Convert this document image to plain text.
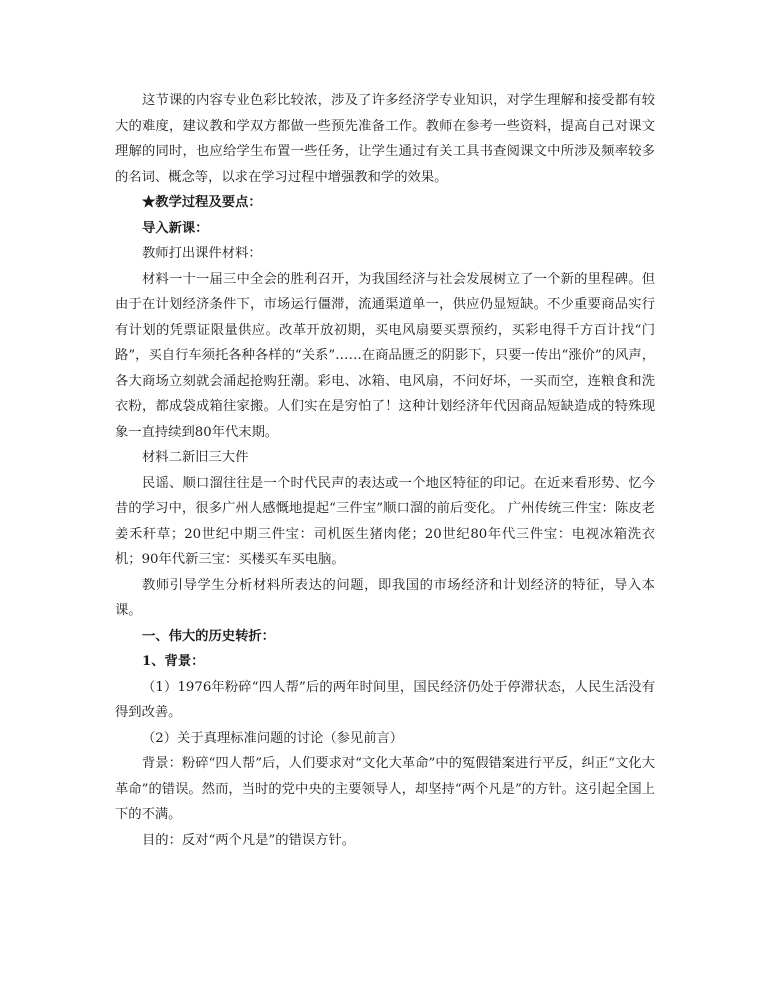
这节课的内容专业色彩比较浓，涉及了许多经济学专业知识，对学生理解和接受都有较大的难度，建议教和学双方都做一些预先准备工作。教师在参考一些资料，提高自己对课文理解的同时，也应给学生布置一些任务，让学生通过有关工具书查阅课文中所涉及频率较多的名词、概念等，以求在学习过程中增强教和学的效果。

★教学过程及要点：

导入新课：

教师打出课件材料：

材料一十一届三中全会的胜利召开，为我国经济与社会发展树立了一个新的里程碑。但由于在计划经济条件下，市场运行僵滞，流通渠道单一，供应仍显短缺。不少重要商品实行有计划的凭票证限量供应。改革开放初期，买电风扇要买票预约，买彩电得千方百计找“门路”，买自行车须托各种各样的“关系”……在商品匮乏的阴影下，只要一传出“涨价”的风声，各大商场立刻就会涌起抢购狂潮。彩电、冰箱、电风扇，不问好坏，一买而空，连粮食和洗衣粉，都成袋成箱往家搬。人们实在是穷怕了！这种计划经济年代因商品短缺造成的特殊现象一直持续到80年代末期。

材料二新旧三大件

民谣、顺口溜往往是一个时代民声的表达或一个地区特征的印记。在近来看形势、忆今昔的学习中，很多广州人感慨地提起“三件宝”顺口溜的前后变化。 广州传统三件宝：陈皮老姜禾秆草；20世纪中期三件宝：司机医生猪肉佬；20世纪80年代三件宝：电视冰箱洗衣机；90年代新三宝：买楼买车买电脑。

教师引导学生分析材料所表达的问题，即我国的市场经济和计划经济的特征，导入本课。

一、伟大的历史转折：

1、背景：

（1）1976年粉碎“四人帮”后的两年时间里，国民经济仍处于停滞状态，人民生活没有得到改善。

（2）关于真理标准问题的讨论（参见前言）

背景：粉碎“四人帮”后，人们要求对“文化大革命”中的冤假错案进行平反，纠正“文化大革命”的错误。然而，当时的党中央的主要领导人，却坚持“两个凡是”的方针。这引起全国上下的不满。

目的：反对“两个凡是”的错误方针。
